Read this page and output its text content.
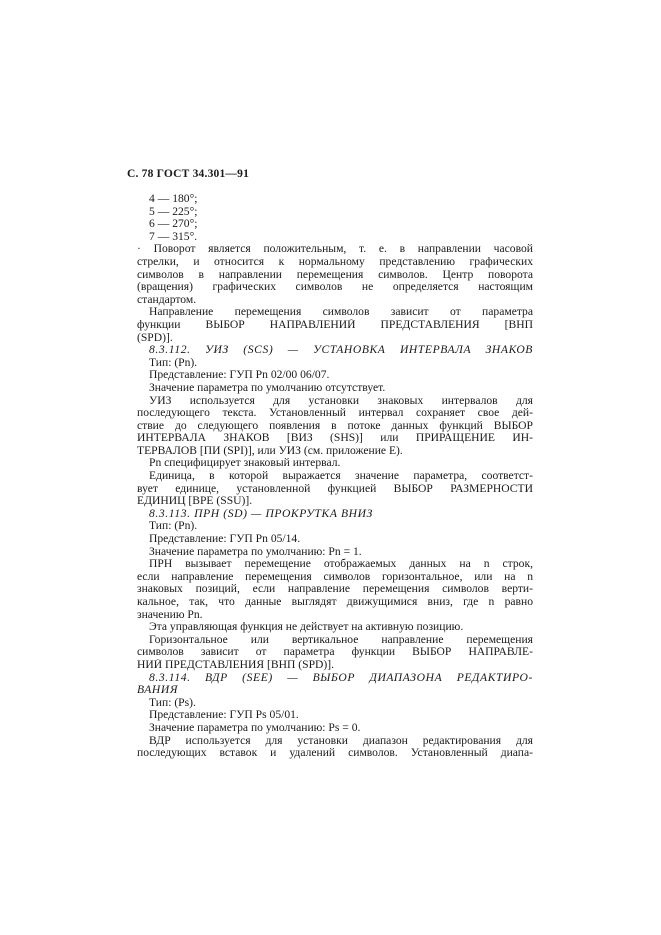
С. 78 ГОСТ 34.301—91
4 — 180°;
5 — 225°;
6 — 270°;
7 — 315°.
· Поворот является положительным, т. е. в направлении часовой
стрелки, и относится к нормальному представлению графических
символов в направлении перемещения символов. Центр поворота
(вращения) графических символов не определяется настоящим
стандартом.
Направление перемещения символов зависит от параметра
функции ВЫБОР НАПРАВЛЕНИЙ ПРЕДСТАВЛЕНИЯ [ВНП
(SPD)].
8.3.112. УИЗ (SCS) — УСТАНОВКА ИНТЕРВАЛА ЗНАКОВ
Тип: (Pn).
Представление: ГУП Pn 02/00 06/07.
Значение параметра по умолчанию отсутствует.
УИЗ используется для установки знаковых интервалов для
последующего текста. Установленный интервал сохраняет свое дей-
ствие до следующего появления в потоке данных функций ВЫБОР
ИНТЕРВАЛА ЗНАКОВ [ВИЗ (SHS)] или ПРИРАЩЕНИЕ ИН-
ТЕРВАЛОВ [ПИ (SPI)], или УИЗ (см. приложение Е).
Pn специфицирует знаковый интервал.
Единица, в которой выражается значение параметра, соответст-
вует единице, установленной функцией ВЫБОР РАЗМЕРНОСТИ
ЕДИНИЦ [ВРЕ (SSU)].
8.3.113. ПРН (SD) — ПРОКРУТКА ВНИЗ
Тип: (Pn).
Представление: ГУП Pn 05/14.
Значение параметра по умолчанию: Pn = 1.
ПРН вызывает перемещение отображаемых данных на n строк,
если направление перемещения символов горизонтальное, или на n
знаковых позиций, если направление перемещения символов верти-
кальное, так, что данные выглядят движущимися вниз, где n равно
значению Pn.
Эта управляющая функция не действует на активную позицию.
Горизонтальное или вертикальное направление перемещения
символов зависит от параметра функции ВЫБОР НАПРАВЛЕ-
НИЙ ПРЕДСТАВЛЕНИЯ [ВНП (SPD)].
8.3.114. ВДР (SEE) — ВЫБОР ДИАПАЗОНА РЕДАКТИРО-
ВАНИЯ
Тип: (Ps).
Представление: ГУП Ps 05/01.
Значение параметра по умолчанию: Ps = 0.
ВДР используется для установки диапазон редактирования для
последующих вставок и удалений символов. Установленный диапа-
